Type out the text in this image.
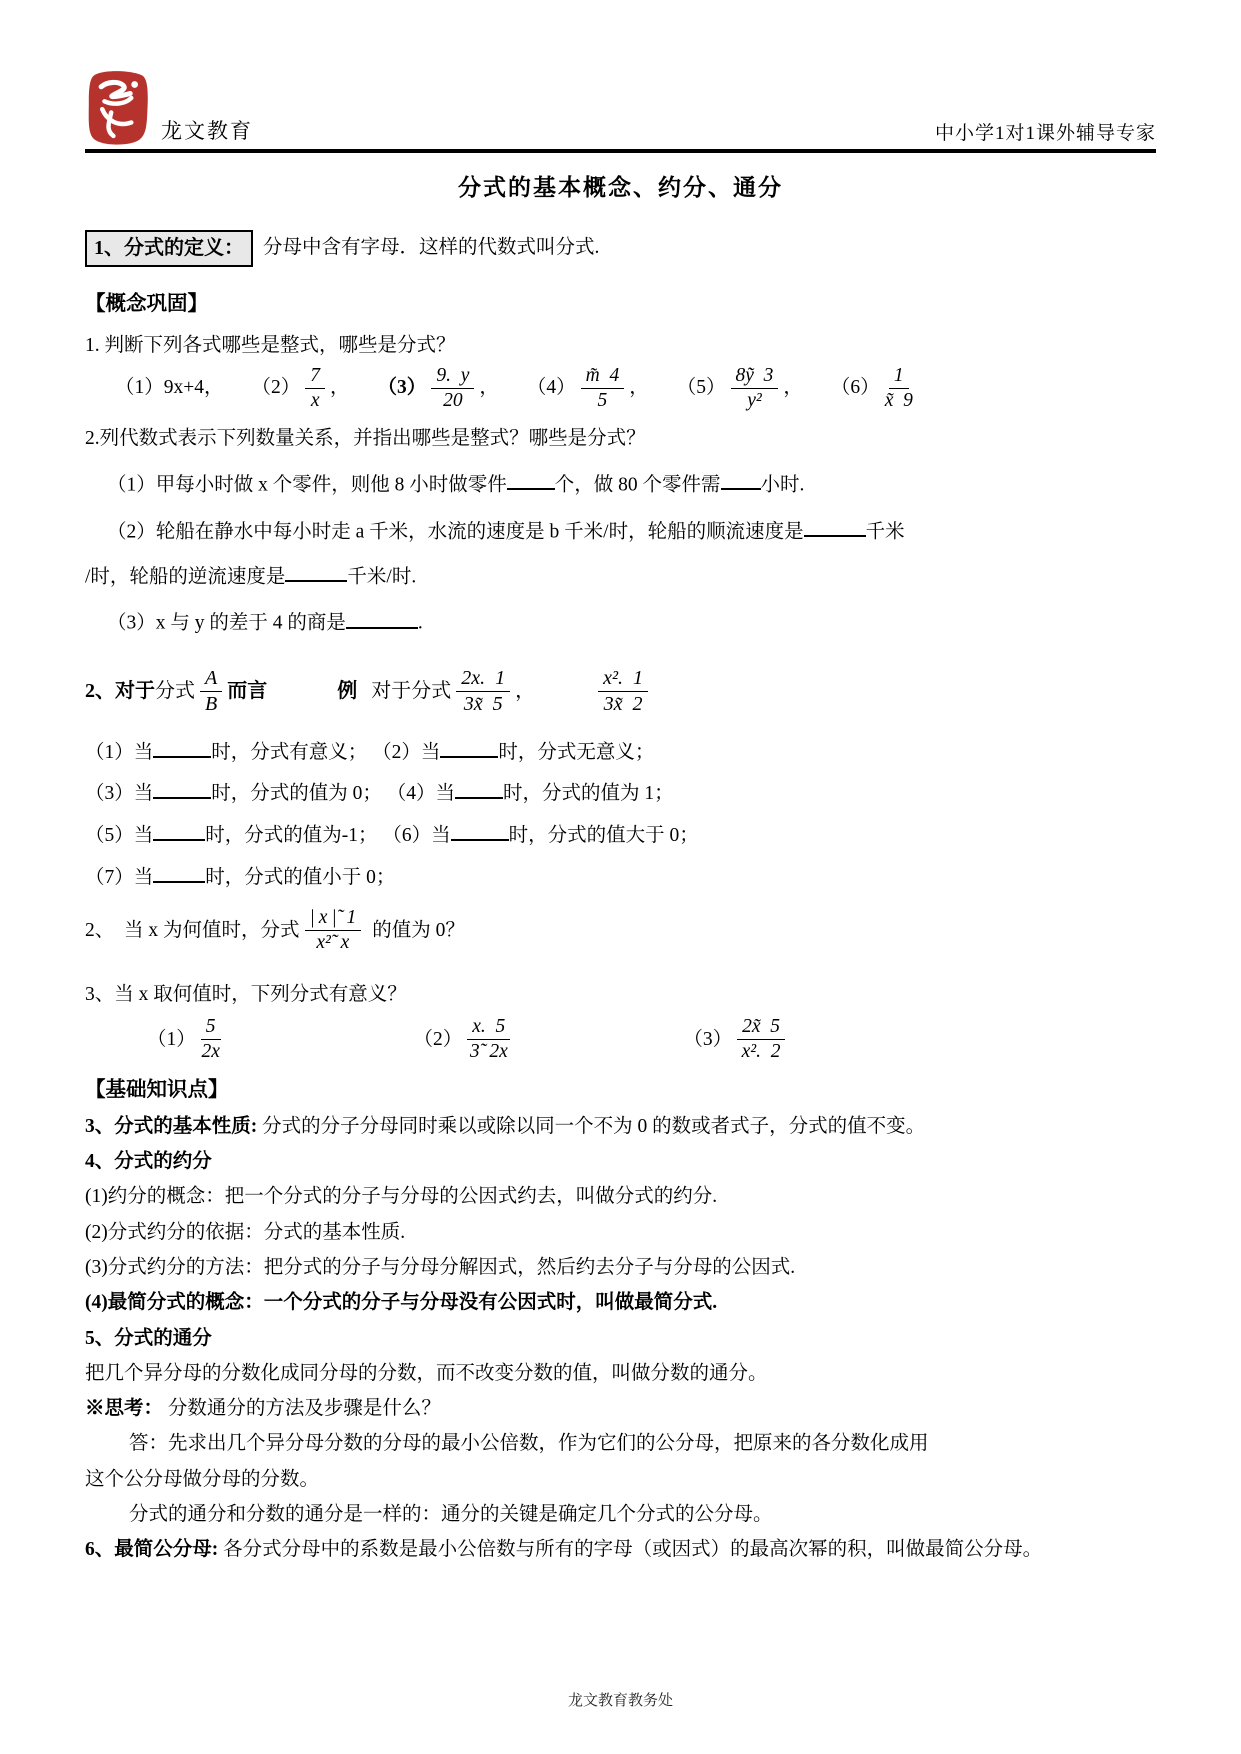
龙文教育	中小学1对1课外辅导专家
分式的基本概念、约分、通分
1、分式的定义： 分母中含有字母．这样的代数式叫分式.
【概念巩固】
1. 判断下列各式哪些是整式，哪些是分式？
（1） 9x+4， $(2) \frac{7}{x}$ ， $(3) \frac{9. y}{20}$ ， $(4) \frac{m̃ 4}{5}$ ， $(5) \frac{8ỹ 3}{\text{y²}}$ ， $(6) \frac{1}{x̃ 9}$
2.列代数式表示下列数量关系，并指出哪些是整式？哪些是分式？
（1）甲每小时做 x 个零件，则他 8 小时做零件 个，做 80 个零件需 小时.
（2）轮船在静水中每小时走 a 千米，水流的速度是 b 千米/时，轮船的顺流速度是	千米
/时，轮船的逆流速度是	千米/时.
（3）x 与 y 的差于 4 的商是	.
2、对于 分式 $\frac{A}{B}$ 而言	例 对于分式 $\frac{2x. 1}{3x̃ 5}$ ，	$\frac{\text{x². 1}}{3x̃ 2}$
（1）当	时，分式有意义； （2）当	时，分式无意义；
（3）当	时，分式的值为 0； （4）当 时，分式的值为 1；
（5）当	时，分式的值为-1； （6）当	时，分式的值大于 0；
（7）当	时，分式的值小于 0；
2、　当 x 为何值时，分式 $\frac{| x |̃ 1}{\text{x²̃ x}}$ 的值为 0？
3、当 x 取何值时，下列分式有意义？
$(1) \frac{5}{2x}$	$(2) \frac{x. 5}{3̃ 2x}$	$(3) \frac{2x̃ 5}{\text{x². 2}}$
【基础知识点】
3、分式的基本性质: 分式的分子分母同时乘以或除以同一个不为 0 的数或者式子，分式的值不变。
4、分式的约分
(1)约分的概念：把一个分式的分子与分母的公因式约去，叫做分式的约分.
(2)分式约分的依据：分式的基本性质.
(3)分式约分的方法：把分式的分子与分母分解因式，然后约去分子与分母的公因式.
(4)最简分式的概念：一个分式的分子与分母没有公因式时，叫做最简分式.
5、分式的通分
把几个异分母的分数化成同分母的分数，而不改变分数的值，叫做分数的通分。
※思考： 分数通分的方法及步骤是什么？
答：先求出几个异分母分数的分母的最小公倍数，作为它们的公分母，把原来的各分数化成用
这个公分母做分母的分数。
分式的通分和分数的通分是一样的：通分的关键是确定几个分式的公分母。
6、最简公分母: 各分式分母中的系数是最小公倍数与所有的字母（或因式）的最高次幂的积，叫做最简公分母。
龙文教育教务处
